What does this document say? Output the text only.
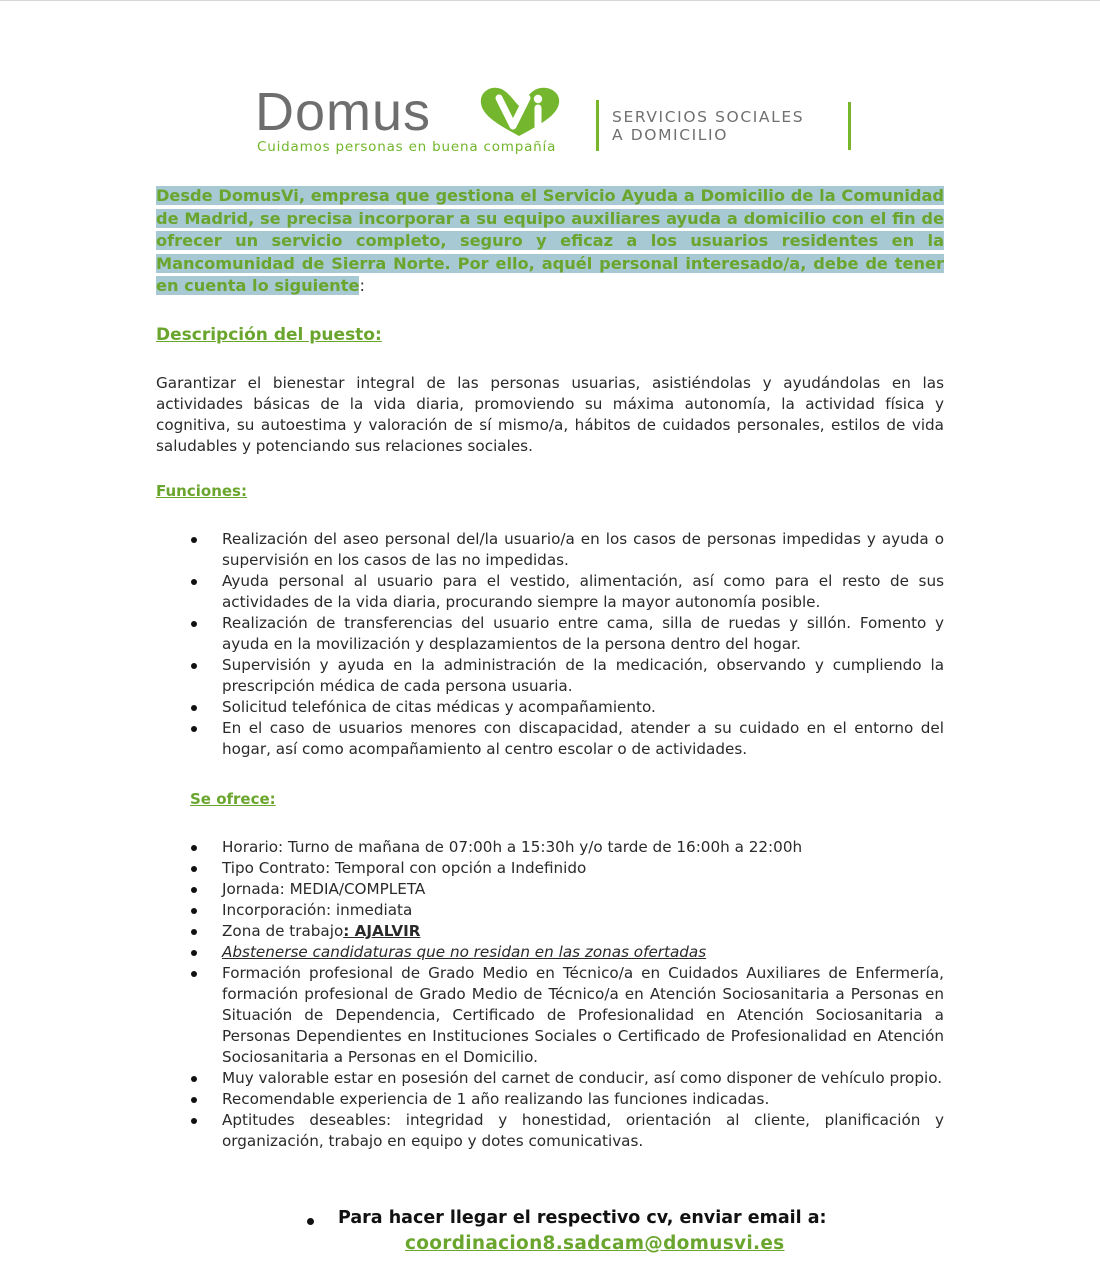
Domus
Cuidamos personas en buena compañía
SERVICIOS SOCIALES
A DOMICILIO
Desde DomusVi, empresa que gestiona el Servicio Ayuda a Domicilio de la Comunidad de Madrid, se precisa incorporar a su equipo auxiliares ayuda a domicilio con el fin de ofrecer un servicio completo, seguro y eficaz a los usuarios residentes en la Mancomunidad de Sierra Norte. Por ello, aquél personal interesado/a, debe de tener en cuenta lo siguiente:
Descripción del puesto:
Garantizar el bienestar integral de las personas usuarias, asistiéndolas y ayudándolas en las actividades básicas de la vida diaria, promoviendo su máxima autonomía, la actividad física y cognitiva, su autoestima y valoración de sí mismo/a, hábitos de cuidados personales, estilos de vida saludables y potenciando sus relaciones sociales.
Funciones:
Realización del aseo personal del/la usuario/a en los casos de personas impedidas y ayuda o supervisión en los casos de las no impedidas.
Ayuda personal al usuario para el vestido, alimentación, así como para el resto de sus actividades de la vida diaria, procurando siempre la mayor autonomía posible.
Realización de transferencias del usuario entre cama, silla de ruedas y sillón. Fomento y ayuda en la movilización y desplazamientos de la persona dentro del hogar.
Supervisión y ayuda en la administración de la medicación, observando y cumpliendo la prescripción médica de cada persona usuaria.
Solicitud telefónica de citas médicas y acompañamiento.
En el caso de usuarios menores con discapacidad, atender a su cuidado en el entorno del hogar, así como acompañamiento al centro escolar o de actividades.
Se ofrece:
Horario: Turno de mañana de 07:00h a 15:30h y/o tarde de 16:00h a 22:00h
Tipo Contrato: Temporal con opción a Indefinido
Jornada: MEDIA/COMPLETA
Incorporación: inmediata
Zona de trabajo: AJALVIR
Abstenerse candidaturas que no residan en las zonas ofertadas
Formación profesional de Grado Medio en Técnico/a en Cuidados Auxiliares de Enfermería, formación profesional de Grado Medio de Técnico/a en Atención Sociosanitaria a Personas en Situación de Dependencia, Certificado de Profesionalidad en Atención Sociosanitaria a Personas Dependientes en Instituciones Sociales o Certificado de Profesionalidad en Atención Sociosanitaria a Personas en el Domicilio.
Muy valorable estar en posesión del carnet de conducir, así como disponer de vehículo propio.
Recomendable experiencia de 1 año realizando las funciones indicadas.
Aptitudes deseables: integridad y honestidad, orientación al cliente, planificación y organización, trabajo en equipo y dotes comunicativas.
Para hacer llegar el respectivo cv, enviar email a:
coordinacion8.sadcam@domusvi.es
